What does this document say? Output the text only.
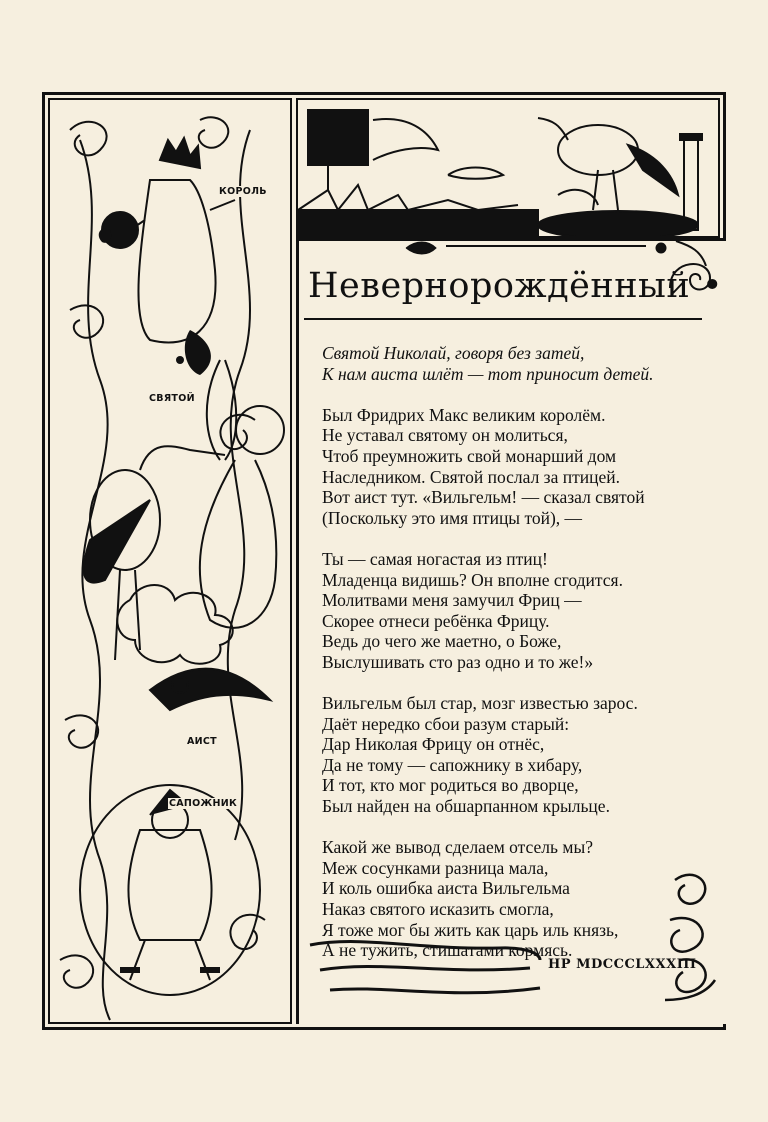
КОРОЛЬ
СВЯТОЙ
АИСТ
САПОЖНИК
Неверноpождённый •
Святой Николай, говоря без затей,
К нам аиста шлёт — тот приносит детей.
Был Фридрих Макс великим королём.
Не уставал святому он молиться,
Чтоб преумножить свой монарший дом
Наследником. Святой послал за птицей.
Вот аист тут. «Вильгельм! — сказал святой
(Поскольку это имя птицы той), —
Ты — самая ногастая из птиц!
Младенца видишь? Он вполне сгодится.
Молитвами меня замучил Фриц —
Скорее отнеси ребёнка Фрицу.
Ведь до чего же маетно, о Боже,
Выслушивать сто раз одно и то же!»
Вильгельм был стар, мозг известью зарос.
Даёт нередко сбои разум старый:
Дар Николая Фрицу он отнёс,
Да не тому — сапожнику в хибару,
И тот, кто мог родиться во дворце,
Был найден на обшарпанном крыльце.
Какой же вывод сделаем отсель мы?
Меж сосунками разница мала,
И коль ошибка аиста Вильгельма
Наказ святого исказить смогла,
Я тоже мог бы жить как царь иль князь,
А не тужить, стишатами кормясь.
HP MDCCCLXXXIII
